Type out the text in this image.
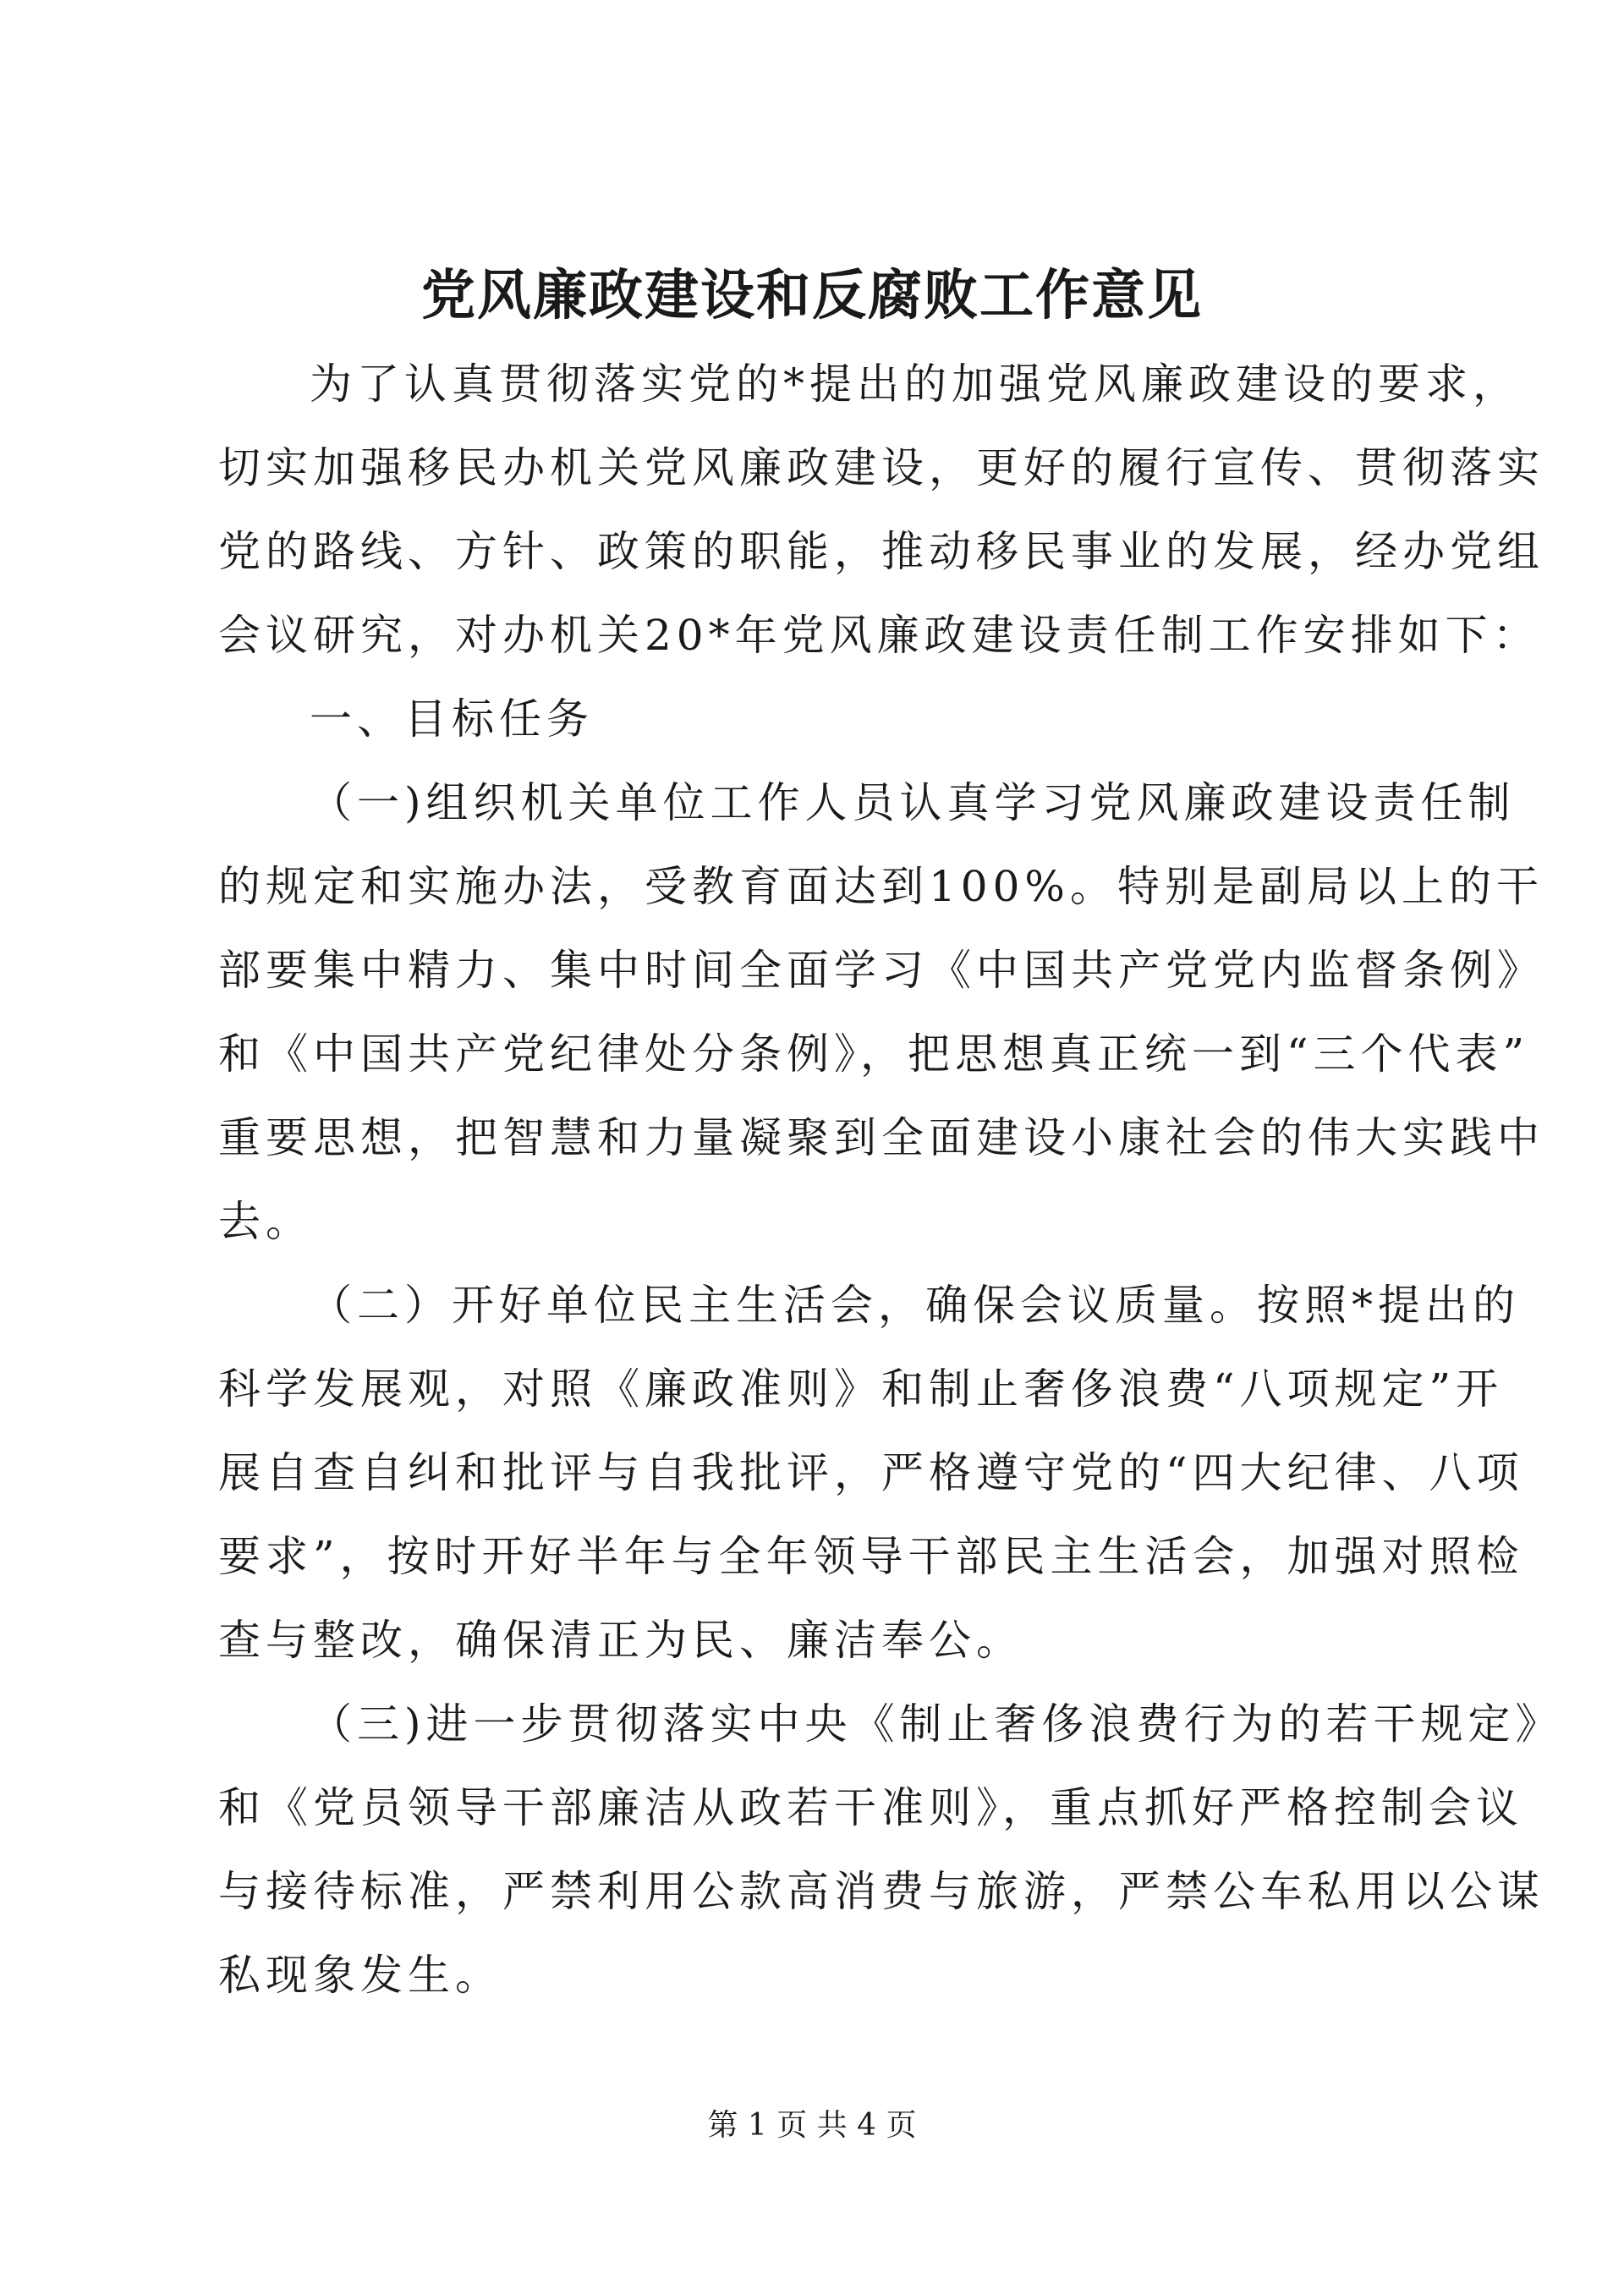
党风廉政建设和反腐败工作意见
为了认真贯彻落实党的*提出的加强党风廉政建设的要求，
切实加强移民办机关党风廉政建设，更好的履行宣传、贯彻落实
党的路线、方针、政策的职能，推动移民事业的发展，经办党组
会议研究，对办机关20*年党风廉政建设责任制工作安排如下：
一、目标任务
（一)组织机关单位工作人员认真学习党风廉政建设责任制
的规定和实施办法，受教育面达到100%。特别是副局以上的干
部要集中精力、集中时间全面学习《中国共产党党内监督条例》
和《中国共产党纪律处分条例》，把思想真正统一到“三个代表”
重要思想，把智慧和力量凝聚到全面建设小康社会的伟大实践中
去。
（二）开好单位民主生活会，确保会议质量。按照*提出的
科学发展观，对照《廉政准则》和制止奢侈浪费“八项规定”开
展自查自纠和批评与自我批评，严格遵守党的“四大纪律、八项
要求”，按时开好半年与全年领导干部民主生活会，加强对照检
查与整改，确保清正为民、廉洁奉公。
（三)进一步贯彻落实中央《制止奢侈浪费行为的若干规定》
和《党员领导干部廉洁从政若干准则》，重点抓好严格控制会议
与接待标准，严禁利用公款高消费与旅游，严禁公车私用以公谋
私现象发生。
第 1 页 共 4 页
